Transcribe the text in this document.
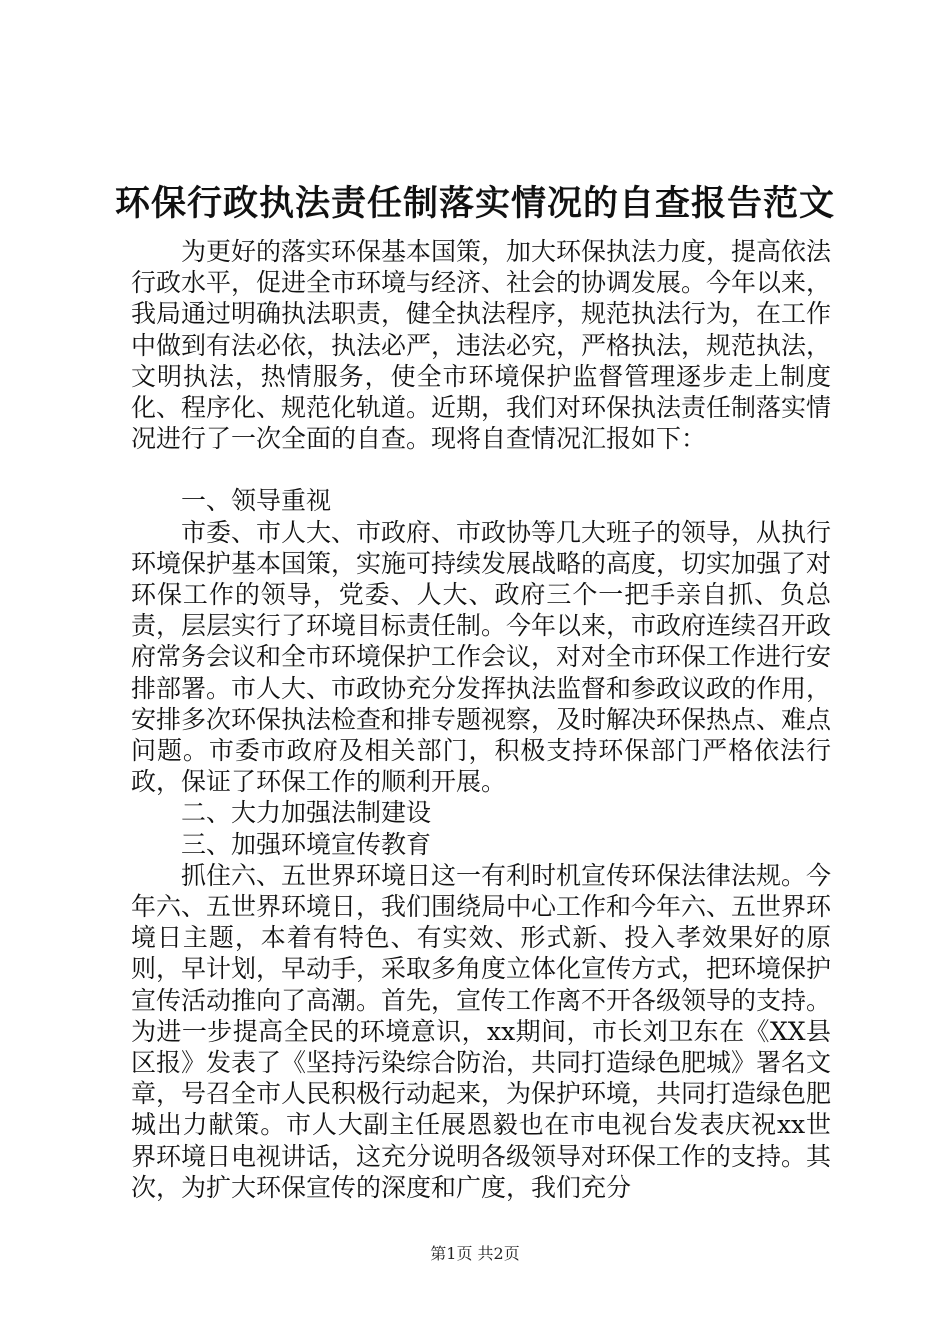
环保行政执法责任制落实情况的自查报告范文

为更好的落实环保基本国策，加大环保执法力度，提高依法行政水平，促进全市环境与经济、社会的协调发展。今年以来，我局通过明确执法职责，健全执法程序，规范执法行为，在工作中做到有法必依，执法必严，违法必究，严格执法，规范执法，文明执法，热情服务，使全市环境保护监督管理逐步走上制度化、程序化、规范化轨道。近期，我们对环保执法责任制落实情况进行了一次全面的自查。现将自查情况汇报如下：

一、领导重视

市委、市人大、市政府、市政协等几大班子的领导，从执行环境保护基本国策，实施可持续发展战略的高度，切实加强了对环保工作的领导，党委、人大、政府三个一把手亲自抓、负总责，层层实行了环境目标责任制。今年以来，市政府连续召开政府常务会议和全市环境保护工作会议，对对全市环保工作进行安排部署。市人大、市政协充分发挥执法监督和参政议政的作用，安排多次环保执法检查和排专题视察，及时解决环保热点、难点问题。市委市政府及相关部门，积极支持环保部门严格依法行政，保证了环保工作的顺利开展。

二、大力加强法制建设

三、加强环境宣传教育

抓住六、五世界环境日这一有利时机宣传环保法律法规。今年六、五世界环境日，我们围绕局中心工作和今年六、五世界环境日主题，本着有特色、有实效、形式新、投入孝效果好的原则，早计划，早动手，采取多角度立体化宣传方式，把环境保护宣传活动推向了高潮。首先，宣传工作离不开各级领导的支持。为进一步提高全民的环境意识，xx期间，市长刘卫东在《XX县区报》发表了《坚持污染综合防治，共同打造绿色肥城》署名文章，号召全市人民积极行动起来，为保护环境，共同打造绿色肥城出力献策。市人大副主任展恩毅也在市电视台发表庆祝xx世界环境日电视讲话，这充分说明各级领导对环保工作的支持。其次，为扩大环保宣传的深度和广度，我们充分

第1页 共2页
